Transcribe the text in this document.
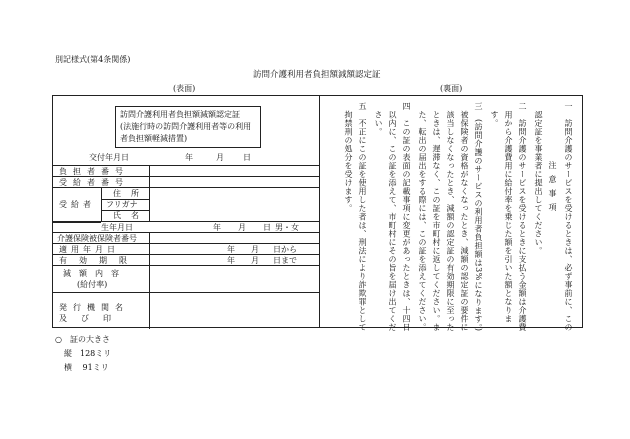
別記様式(第4条関係)
訪問介護利用者負担額減額認定証
(表面)	(裏面)
訪問介護利用者負担額減額認定証
(法施行時の訪問介護利用者等の利用
者負担額軽減措置)
交付年月日	年	月 日
負担者番号
受給者番号
受給者
住所
フリガナ
氏名
生年月日	年 月 日 男・女
介護保険被保険者番号
適用年月日	年 月 日 から
有効期限	年 月 日 まで
減額内容
(給付率)
発行機関名
及び印
注意事項 一　訪問介護のサービスを受けるときは、必ず事前に、この
　認定証を事業者に提出してください。
二　訪問介護のサービスを受けるときに支払う金額は介護費
　用から介護費用に給付率を乗じた額を引いた額となりま
　す。
三　(訪問介護のサービスの利用者負担額は3%になります。)
　被保険者の資格がなくなったとき、減額の認定証の要件に
　該当しなくなったとき、減額の認定証の有効期限に至った
　ときは、遅滞なく、この証を市町村に返してください。ま
　た、転出の届出をする際には、この証を添えてください。
四　この証の表面の記載事項に変更があったときは、十四日
　以内に、この証を添えて、市町村にその旨を届け出てくだ
　さい。
五　不正にこの証を使用した者は、刑法により詐欺罪として
　拘禁刑の処分を受けます。
○　証の大きさ
縦　128ミリ
横　 91ミリ
